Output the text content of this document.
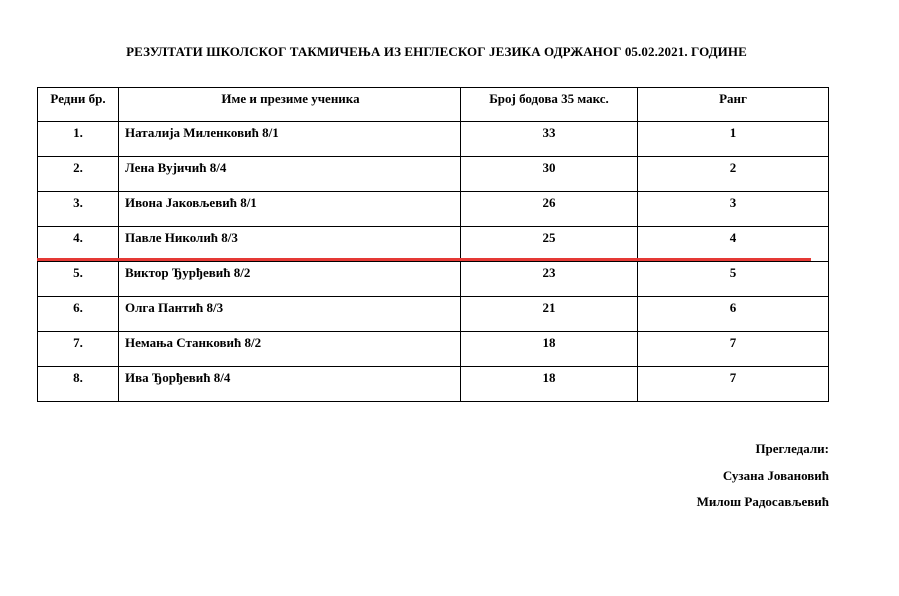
РЕЗУЛТАТИ ШКОЛСКОГ ТАКМИЧЕЊА ИЗ ЕНГЛЕСКОГ ЈЕЗИКА ОДРЖАНОГ 05.02.2021. ГОДИНЕ
Редни бр.	Име и презиме ученика	Број бодова 35 макс.	Ранг
1.	Наталија Миленковић 8/1	33	1
2.	Лена Вујичић 8/4	30	2
3.	Ивона Јаковљевић 8/1	26	3
4.	Павле Николић 8/3	25	4
5.	Виктор Ђурђевић 8/2	23	5
6.	Олга Пантић 8/3	21	6
7.	Немања Станковић 8/2	18	7
8.	Ива Ђорђевић 8/4	18	7
Прегледали:
Сузана Јовановић
Милош Радосављевић
